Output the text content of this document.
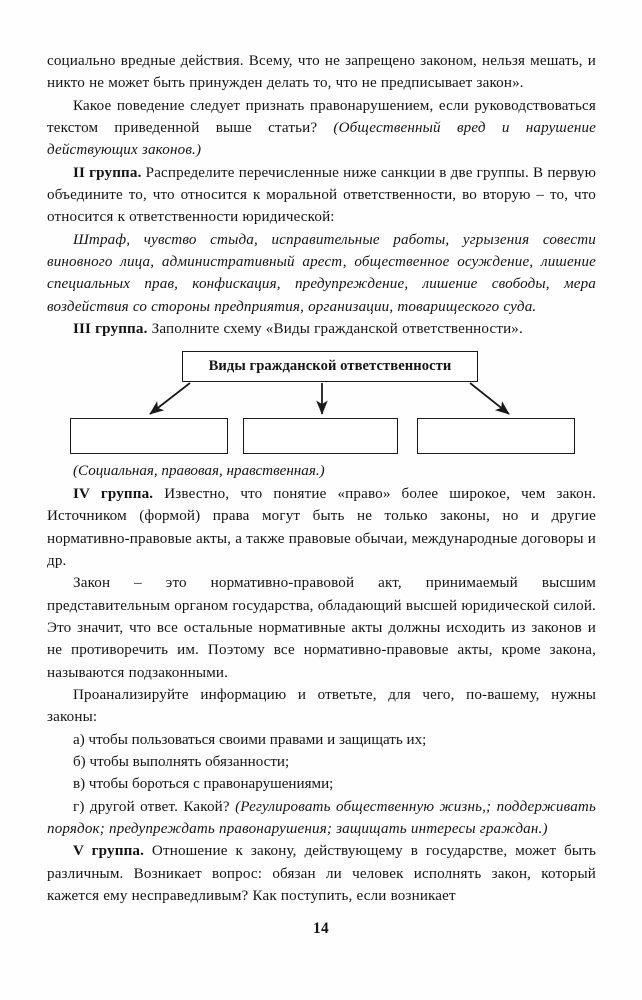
социально вредные действия. Всему, что не запрещено законом, нельзя мешать, и никто не может быть принужден делать то, что не предписывает закон».

Какое поведение следует признать правонарушением, если руководствоваться текстом приведенной выше статьи? (Общественный вред и нарушение действующих законов.)

II группа. Распределите перечисленные ниже санкции в две группы. В первую объедините то, что относится к моральной ответственности, во вторую – то, что относится к ответственности юридической:

Штраф, чувство стыда, исправительные работы, угрызения совести виновного лица, административный арест, общественное осуждение, лишение специальных прав, конфискация, предупреждение, лишение свободы, мера воздействия со стороны предприятия, организации, товарищеского суда.

III группа. Заполните схему «Виды гражданской ответственности».

Виды гражданской ответственности

(Социальная, правовая, нравственная.)

IV группа. Известно, что понятие «право» более широкое, чем закон. Источником (формой) права могут быть не только законы, но и другие нормативно-правовые акты, а также правовые обычаи, международные договоры и др.

Закон – это нормативно-правовой акт, принимаемый высшим представительным органом государства, обладающий высшей юридической силой. Это значит, что все остальные нормативные акты должны исходить из законов и не противоречить им. Поэтому все нормативно-правовые акты, кроме закона, называются подзаконными.

Проанализируйте информацию и ответьте, для чего, по-вашему, нужны законы:

а) чтобы пользоваться своими правами и защищать их;

б) чтобы выполнять обязанности;

в) чтобы бороться с правонарушениями;

г) другой ответ. Какой? (Регулировать общественную жизнь,; поддерживать порядок; предупреждать правонарушения; защищать интересы граждан.)

V группа. Отношение к закону, действующему в государстве, может быть различным. Возникает вопрос: обязан ли человек исполнять закон, который кажется ему несправедливым? Как поступить, если возникает

14
